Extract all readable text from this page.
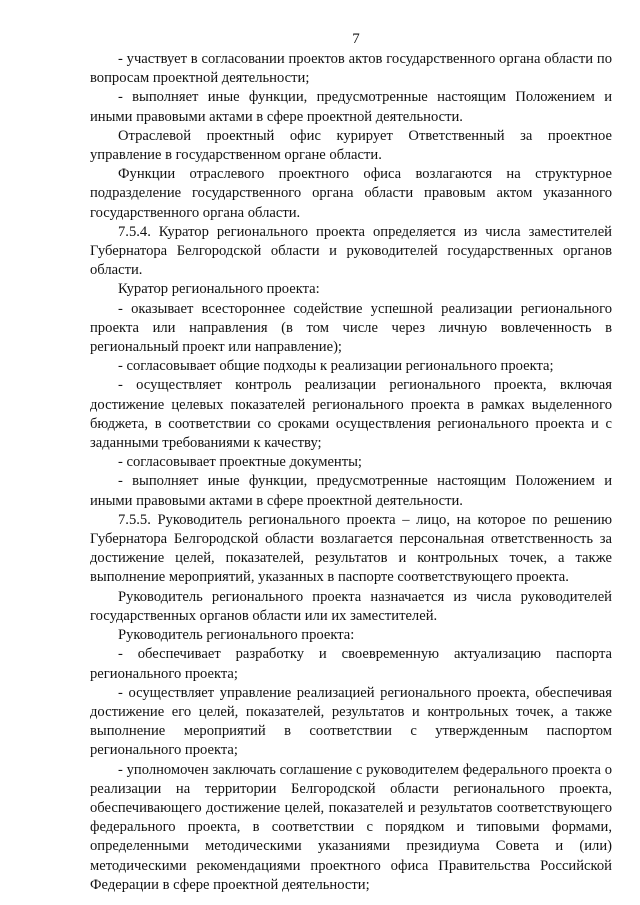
7

- участвует в согласовании проектов актов государственного органа области по вопросам проектной деятельности;

- выполняет иные функции, предусмотренные настоящим Положением и иными правовыми актами в сфере проектной деятельности.

Отраслевой проектный офис курирует Ответственный за проектное управление в государственном органе области.

Функции отраслевого проектного офиса возлагаются на структурное подразделение государственного органа области правовым актом указанного государственного органа области.

7.5.4. Куратор регионального проекта определяется из числа заместителей Губернатора Белгородской области и руководителей государственных органов области.

Куратор регионального проекта:

- оказывает всестороннее содействие успешной реализации регионального проекта или направления (в том числе через личную вовлеченность в региональный проект или направление);

- согласовывает общие подходы к реализации регионального проекта;

- осуществляет контроль реализации регионального проекта, включая достижение целевых показателей регионального проекта в рамках выделенного бюджета, в соответствии со сроками осуществления регионального проекта и с заданными требованиями к качеству;

- согласовывает проектные документы;

- выполняет иные функции, предусмотренные настоящим Положением и иными правовыми актами в сфере проектной деятельности.

7.5.5. Руководитель регионального проекта – лицо, на которое по решению Губернатора Белгородской области возлагается персональная ответственность за достижение целей, показателей, результатов и контрольных точек, а также выполнение мероприятий, указанных в паспорте соответствующего проекта.

Руководитель регионального проекта назначается из числа руководителей государственных органов области или их заместителей.

Руководитель регионального проекта:

- обеспечивает разработку и своевременную актуализацию паспорта регионального проекта;

- осуществляет управление реализацией регионального проекта, обеспечивая достижение его целей, показателей, результатов и контрольных точек, а также выполнение мероприятий в соответствии с утвержденным паспортом регионального проекта;

- уполномочен заключать соглашение с руководителем федерального проекта о реализации на территории Белгородской области регионального проекта, обеспечивающего достижение целей, показателей и результатов соответствующего федерального проекта, в соответствии с порядком и типовыми формами, определенными методическими указаниями президиума Совета и (или) методическими рекомендациями проектного офиса Правительства Российской Федерации в сфере проектной деятельности;
